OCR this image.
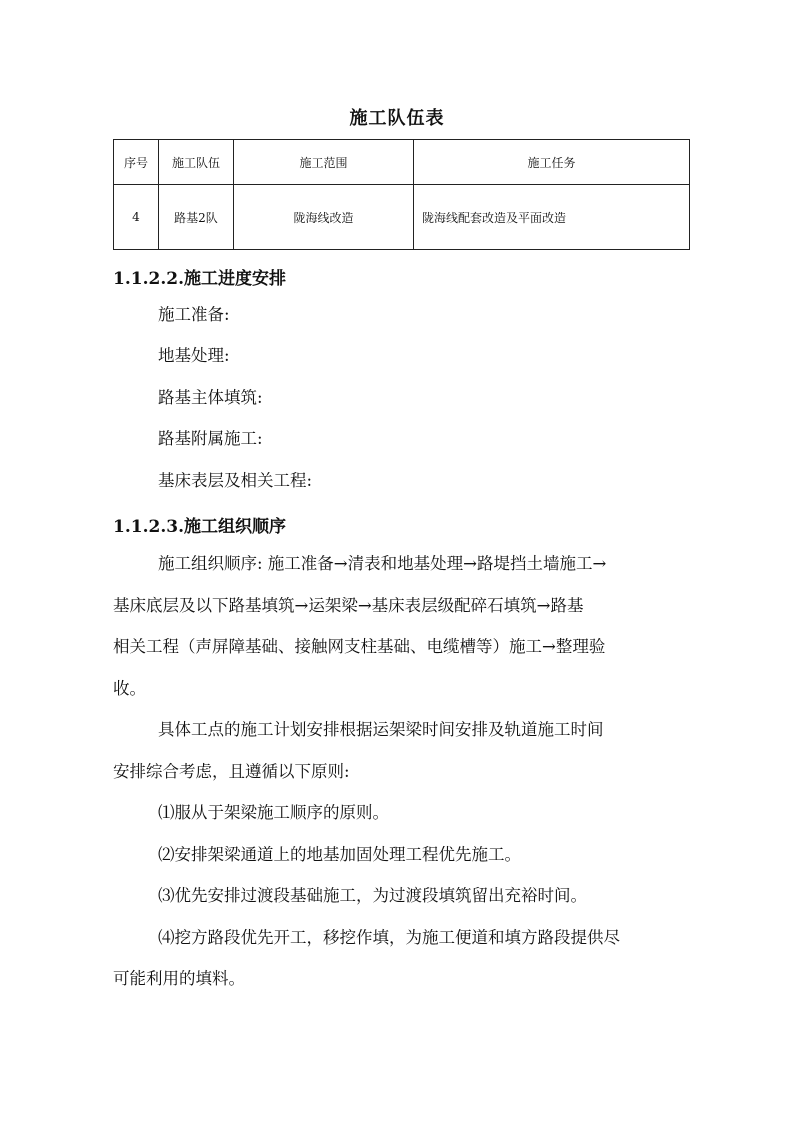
施工队伍表
序号	施工队伍	施工范围	施工任务
4	路基2队	陇海线改造	陇海线配套改造及平面改造
1.1.2.2.施工进度安排
施工准备:
地基处理:
路基主体填筑:
路基附属施工:
基床表层及相关工程:
1.1.2.3.施工组织顺序
施工组织顺序: 施工准备→清表和地基处理→路堤挡土墙施工→
基床底层及以下路基填筑→运架梁→基床表层级配碎石填筑→路基
相关工程（声屏障基础、接触网支柱基础、电缆槽等）施工→整理验
收。
具体工点的施工计划安排根据运架梁时间安排及轨道施工时间
安排综合考虑，且遵循以下原则:
⑴服从于架梁施工顺序的原则。
⑵安排架梁通道上的地基加固处理工程优先施工。
⑶优先安排过渡段基础施工，为过渡段填筑留出充裕时间。
⑷挖方路段优先开工，移挖作填，为施工便道和填方路段提供尽
可能利用的填料。
